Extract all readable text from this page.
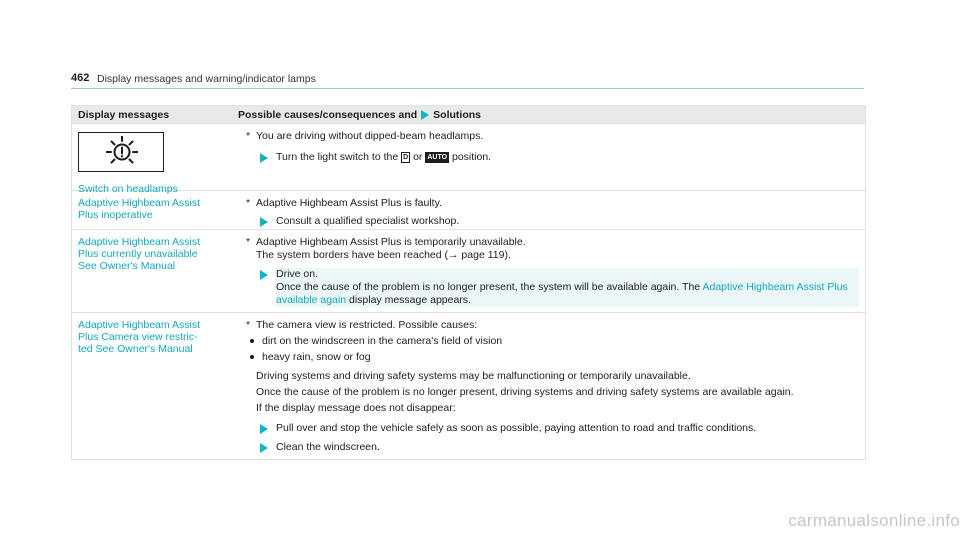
462 Display messages and warning/indicator lamps
Display messages	Possible causes/consequences and Solutions
Switch on headlamps
* You are driving without dipped-beam headlamps.
Turn the light switch to the D or AUTO position.
Adaptive Highbeam Assist
Plus inoperative
* Adaptive Highbeam Assist Plus is faulty.
Consult a qualified specialist workshop.
Adaptive Highbeam Assist
Plus currently unavailable
See Owner's Manual
* Adaptive Highbeam Assist Plus is temporarily unavailable.
The system borders have been reached (→ page 119).
Drive on.
Once the cause of the problem is no longer present, the system will be available again. The Adaptive Highbeam Assist Plus available again display message appears.
Adaptive Highbeam Assist
Plus Camera view restric-
ted See Owner's Manual
* The camera view is restricted. Possible causes:
dirt on the windscreen in the camera's field of vision
heavy rain, snow or fog
Driving systems and driving safety systems may be malfunctioning or temporarily unavailable.
Once the cause of the problem is no longer present, driving systems and driving safety systems are available again.
If the display message does not disappear:
Pull over and stop the vehicle safely as soon as possible, paying attention to road and traffic conditions.
Clean the windscreen.
carmanualsonline.info
